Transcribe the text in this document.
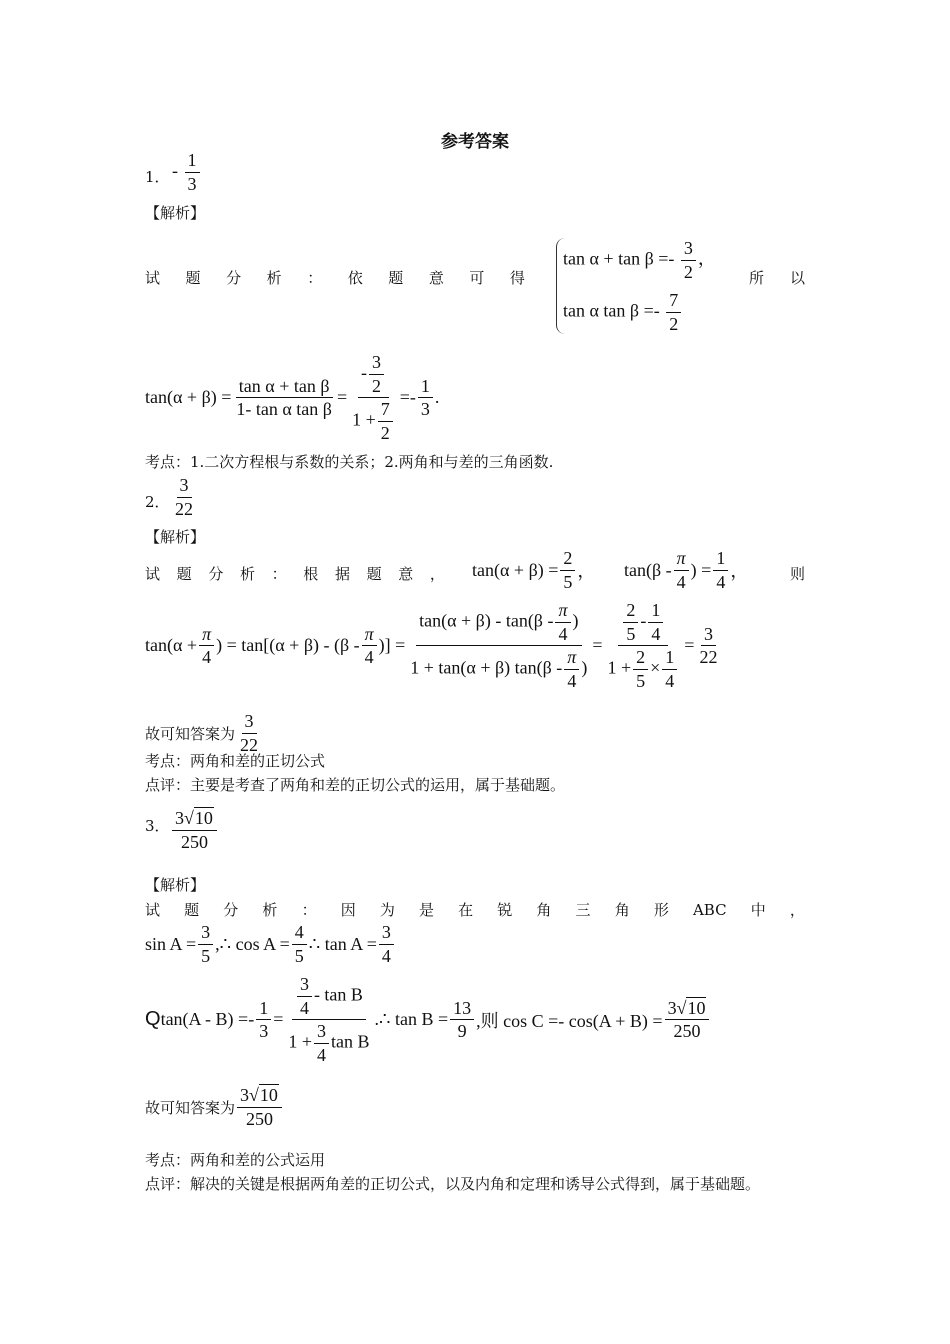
参考答案
1． - $\frac{1}{3}$
【解析】
试 题 分 析 ： 依 题 意 可 得
$\tan \alpha + \tan \beta =- \frac{3}{2}$ ，
tan α $\tan \beta =- \frac{7}{2}$
所 以
$\tan(\alpha + \beta) = \frac{\text{tan α + tan β}}{\text{1- tan α tan β}} = \frac{- \frac{3}{2}}{1 + \frac{7}{2}} =- \frac{1}{3}$ .
考点：1.二次方程根与系数的关系；2.两角和与差的三角函数.
2． $\frac{3}{22}$
【解析】
试 题 分 析 ： 根 据 题 意 ， $\tan(\alpha + \beta) = \frac{2}{5}$ ， $\tan(\beta - \frac{\pi}{4}$ ) = $\frac{1}{4}$ ，	则
$\tan(\alpha + \frac{\pi}{4}$ ) = $\tan[(\alpha + \beta) - (\beta - \frac{\pi}{4}$ )] = $\frac{\tan(\alpha + \beta) - \tan(\beta - \frac{\pi}{4} )}{1 + \tan(\alpha + \beta) \tan(\beta - \frac{\pi}{4} )} = \frac{\frac{2}{5} - \frac{1}{4}}{1 + \frac{2}{5} \times \frac{1}{4}} = \frac{3}{22}$
故可知答案为 $\frac{3}{22}$
考点：两角和差的正切公式
点评：主要是考查了两角和差的正切公式的运用，属于基础题。
3． $\frac{3√10}{250}$
【解析】
试 题 分 析 ： 因 为 是 在 锐 角 三 角 形 ABC 中 ，
$\sin A = \frac{3}{5}$ ,∴ $\cos A = \frac{4}{5}$ ∴ $\tan A = \frac{3}{4}$
Q $\tan(A - B) =- \frac{1}{3} = \frac{\frac{3}{4} - \tan B}{1 + \frac{3}{4} \tan B}$ .∴ $\tan B = \frac{13}{9}$ ,则 $\cos C =- \cos(A + B) = \frac{3√10}{250}$
故可知答案为 $\frac{3√10}{250}$
考点：两角和差的公式运用
点评：解决的关键是根据两角差的正切公式，以及内角和定理和诱导公式得到，属于基础题。
